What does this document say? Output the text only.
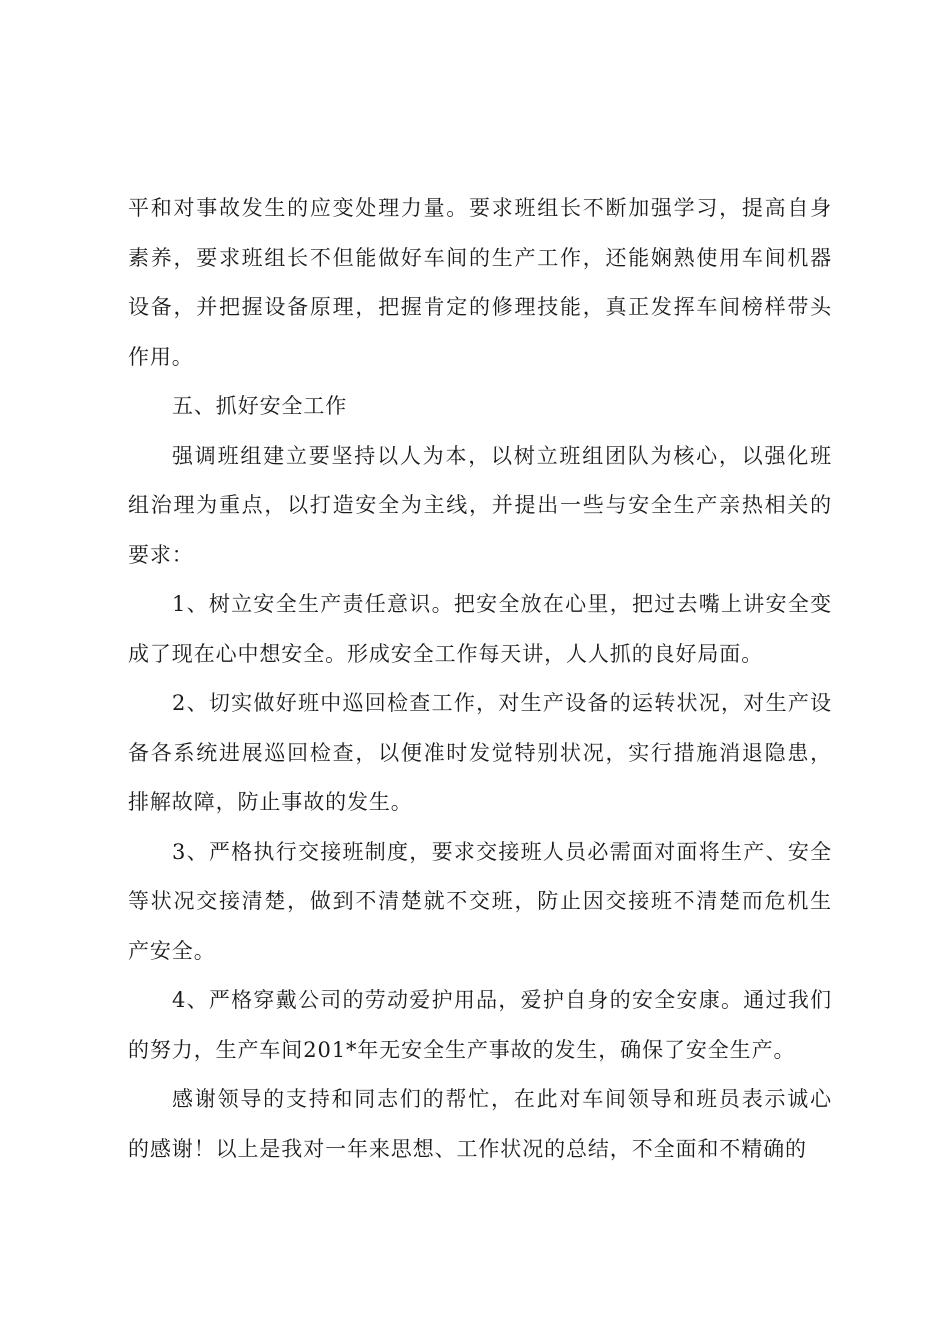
平和对事故发生的应变处理力量。要求班组长不断加强学习，提高自身
素养，要求班组长不但能做好车间的生产工作，还能娴熟使用车间机器
设备，并把握设备原理，把握肯定的修理技能，真正发挥车间榜样带头
作用。
五、抓好安全工作
强调班组建立要坚持以人为本，以树立班组团队为核心，以强化班
组治理为重点，以打造安全为主线，并提出一些与安全生产亲热相关的
要求：
1、树立安全生产责任意识。把安全放在心里，把过去嘴上讲安全变
成了现在心中想安全。形成安全工作每天讲，人人抓的良好局面。
2、切实做好班中巡回检查工作，对生产设备的运转状况，对生产设
备各系统进展巡回检查，以便准时发觉特别状况，实行措施消退隐患，
排解故障，防止事故的发生。
3、严格执行交接班制度，要求交接班人员必需面对面将生产、安全
等状况交接清楚，做到不清楚就不交班，防止因交接班不清楚而危机生
产安全。
4、严格穿戴公司的劳动爱护用品，爱护自身的安全安康。通过我们
的努力，生产车间201*年无安全生产事故的发生，确保了安全生产。
感谢领导的支持和同志们的帮忙，在此对车间领导和班员表示诚心
的感谢！以上是我对一年来思想、工作状况的总结，不全面和不精确的
